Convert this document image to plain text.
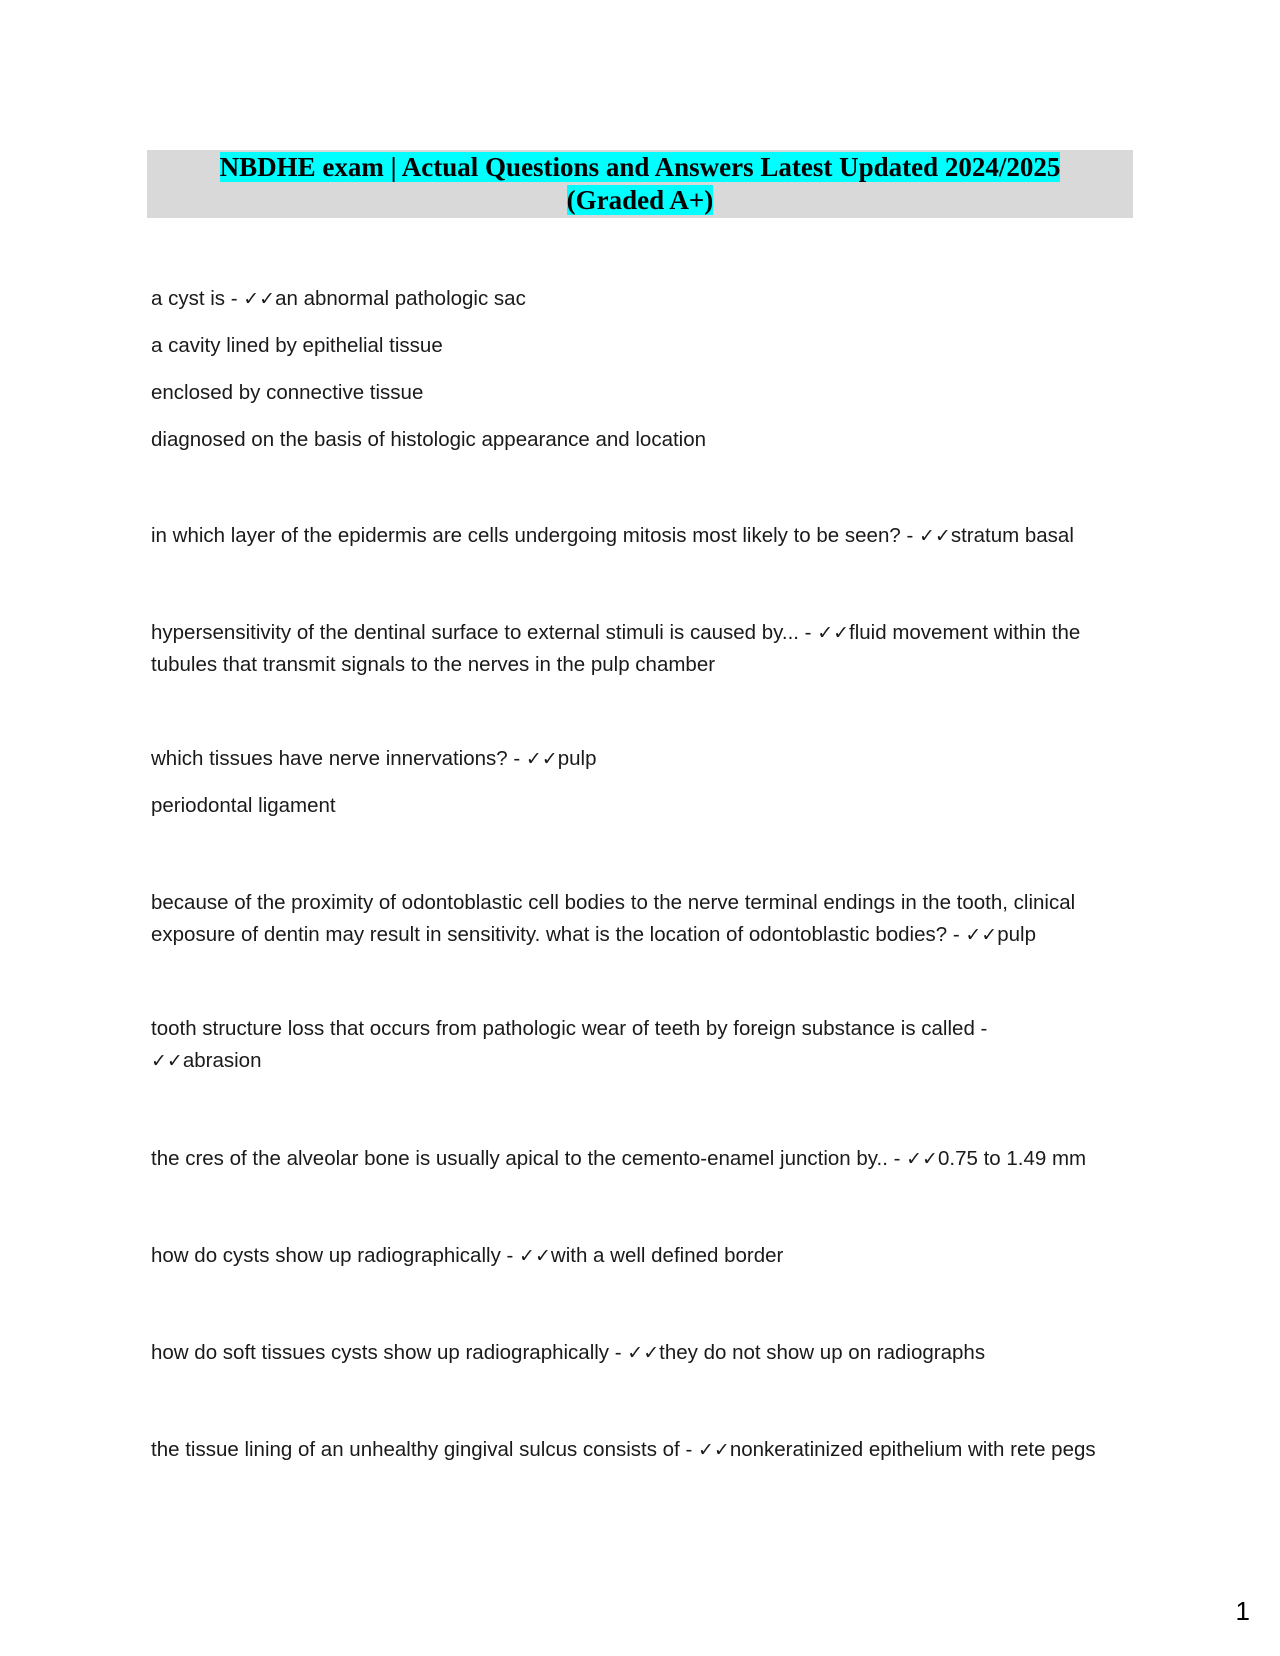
NBDHE exam | Actual Questions and Answers Latest Updated 2024/2025
(Graded A+)
a cyst is - ✓✓an abnormal pathologic sac
a cavity lined by epithelial tissue
enclosed by connective tissue
diagnosed on the basis of histologic appearance and location
in which layer of the epidermis are cells undergoing mitosis most likely to be seen? - ✓✓stratum basal
hypersensitivity of the dentinal surface to external stimuli is caused by... - ✓✓fluid movement within the tubules that transmit signals to the nerves in the pulp chamber
which tissues have nerve innervations? - ✓✓pulp
periodontal ligament
because of the proximity of odontoblastic cell bodies to the nerve terminal endings in the tooth, clinical exposure of dentin may result in sensitivity. what is the location of odontoblastic bodies? - ✓✓pulp
tooth structure loss that occurs from pathologic wear of teeth by foreign substance is called -
✓✓abrasion
the cres of the alveolar bone is usually apical to the cemento-enamel junction by.. - ✓✓0.75 to 1.49 mm
how do cysts show up radiographically - ✓✓with a well defined border
how do soft tissues cysts show up radiographically - ✓✓they do not show up on radiographs
the tissue lining of an unhealthy gingival sulcus consists of - ✓✓nonkeratinized epithelium with rete pegs
1
